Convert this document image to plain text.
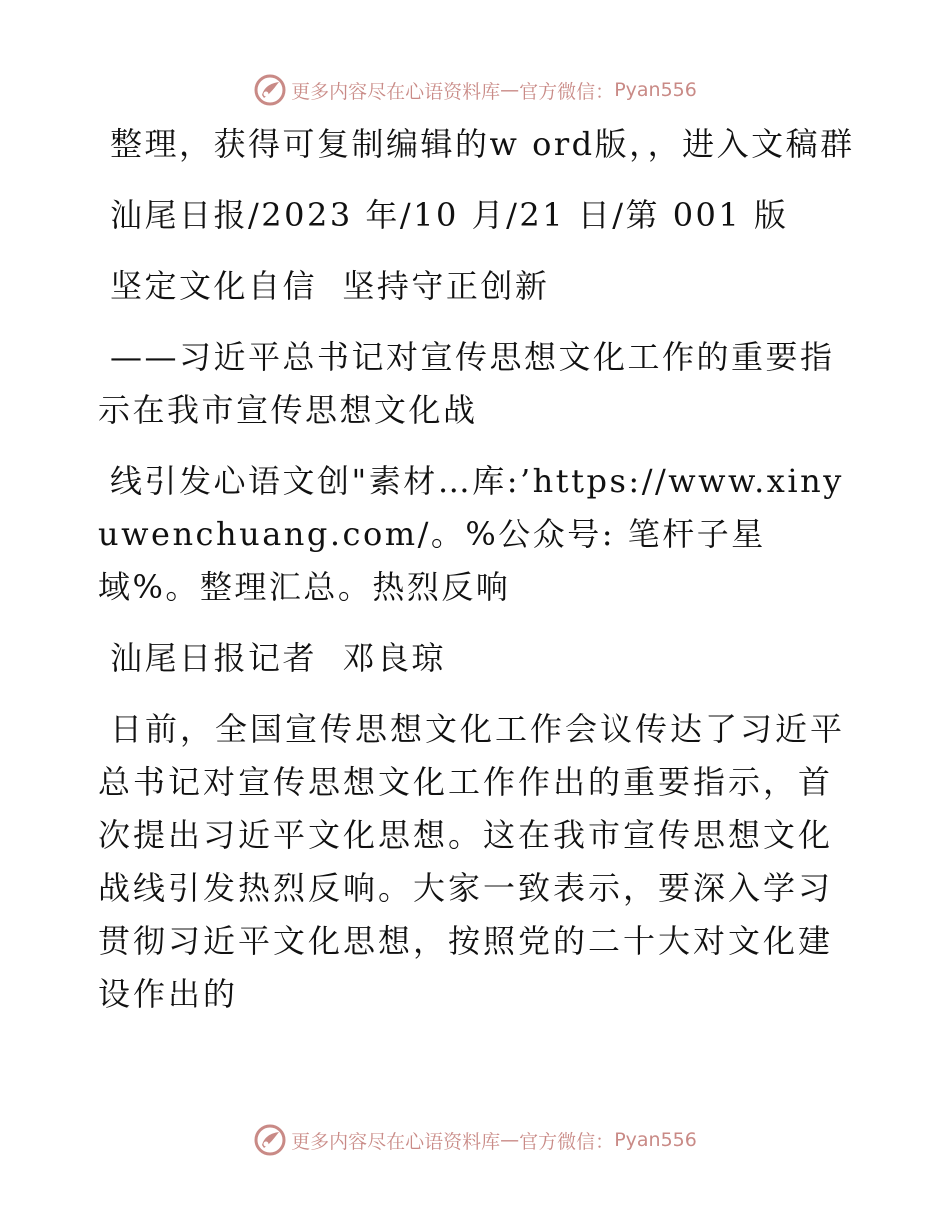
更多内容尽在心语资料库 — 官方微信： Pyan556

整理，获得可复制编辑的w ord版，，进入文稿群

汕尾日报/2023 年/10 月/21 日/第 001 版

坚定文化自信  坚持守正创新

——习近平总书记对宣传思想文化工作的重要指示在我市宣传思想文化战

线引发心语文创"素材…库:’https://www.xinyuwenchuang.com/。%公众号: 笔杆子星域%。整理汇总。热烈反响

汕尾日报记者  邓良琼

日前，全国宣传思想文化工作会议传达了习近平总书记对宣传思想文化工作作出的重要指示，首次提出习近平文化思想。这在我市宣传思想文化战线引发热烈反响。大家一致表示，要深入学习贯彻习近平文化思想，按照党的二十大对文化建设作出的

更多内容尽在心语资料库 — 官方微信： Pyan556
